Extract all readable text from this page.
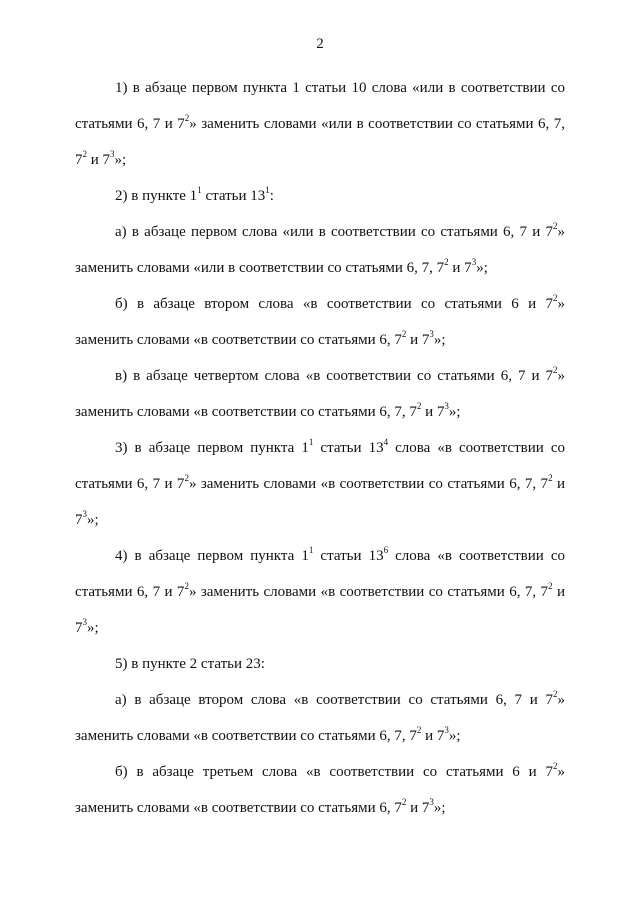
2

1) в абзаце первом пункта 1 статьи 10 слова «или в соответствии со статьями 6, 7 и $7^2$» заменить словами «или в соответствии со статьями 6, 7, $7^2$ и $7^3$»;

2) в пункте $1^1$ статьи $13^1$:

а) в абзаце первом слова «или в соответствии со статьями 6, 7 и $7^2$» заменить словами «или в соответствии со статьями 6, 7, $7^2$ и $7^3$»;

б) в абзаце втором слова «в соответствии со статьями 6 и $7^2$» заменить словами «в соответствии со статьями 6, $7^2$ и $7^3$»;

в) в абзаце четвертом слова «в соответствии со статьями 6, 7 и $7^2$» заменить словами «в соответствии со статьями 6, 7, $7^2$ и $7^3$»;

3) в абзаце первом пункта $1^1$ статьи $13^4$ слова «в соответствии со статьями 6, 7 и $7^2$» заменить словами «в соответствии со статьями 6, 7, $7^2$ и $7^3$»;

4) в абзаце первом пункта $1^1$ статьи $13^6$ слова «в соответствии со статьями 6, 7 и $7^2$» заменить словами «в соответствии со статьями 6, 7, $7^2$ и $7^3$»;

5) в пункте 2 статьи 23:

а) в абзаце втором слова «в соответствии со статьями 6, 7 и $7^2$» заменить словами «в соответствии со статьями 6, 7, $7^2$ и $7^3$»;

б) в абзаце третьем слова «в соответствии со статьями 6 и $7^2$» заменить словами «в соответствии со статьями 6, $7^2$ и $7^3$»;
